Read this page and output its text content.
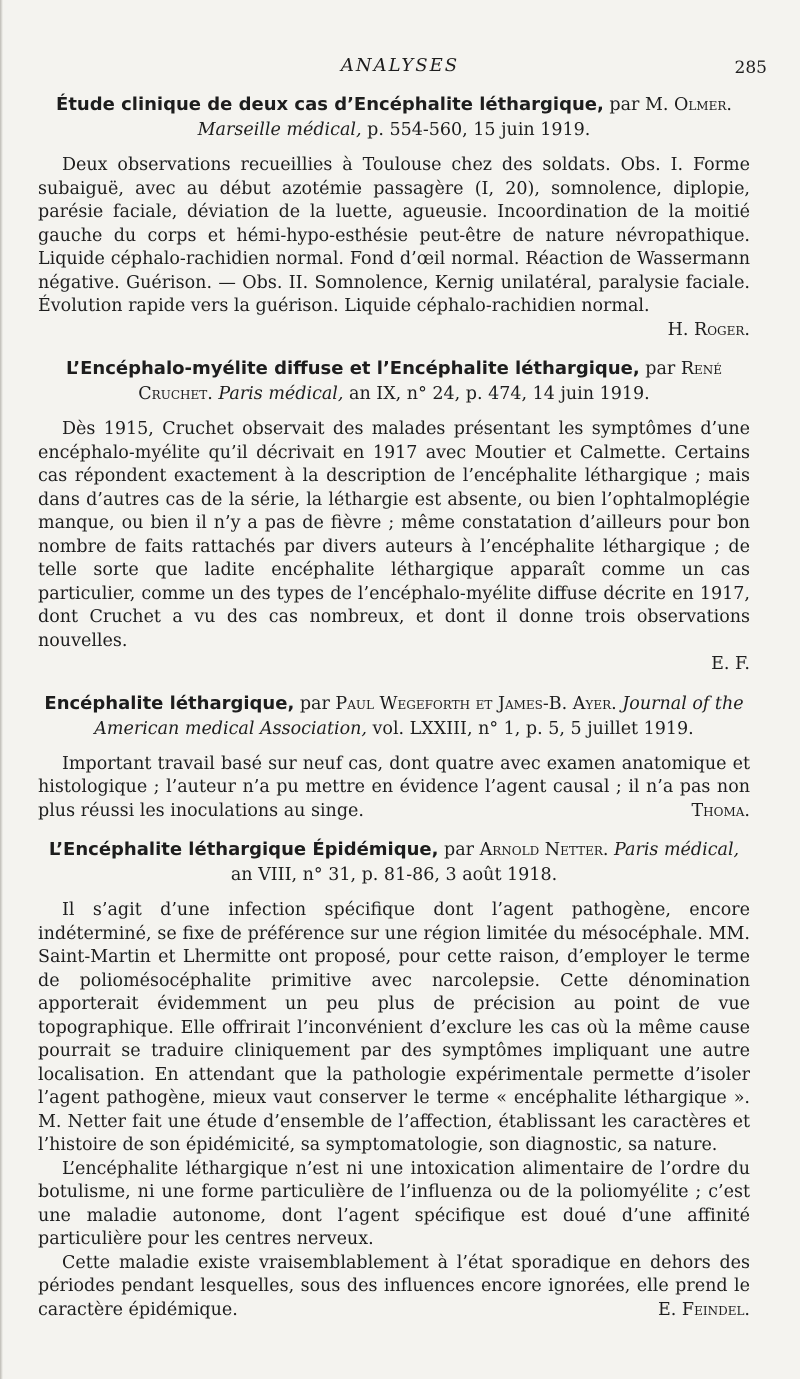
ANALYSES	285

Étude clinique de deux cas d’Encéphalite léthargique, par M. Olmer.
Marseille médical, p. 554-560, 15 juin 1919.

Deux observations recueillies à Toulouse chez des soldats. Obs. I. Forme subaiguë, avec au début azotémie passagère (I, 20), somnolence, diplopie, parésie faciale, déviation de la luette, agueusie. Incoordination de la moitié gauche du corps et hémi-hypo-esthésie peut-être de nature névropathique. Liquide céphalo-rachidien normal. Fond d’œil normal. Réaction de Wassermann négative. Guérison. — Obs. II. Somnolence, Kernig unilatéral, paralysie faciale. Évolution rapide vers la guérison. Liquide céphalo-rachidien normal.
H. Roger.

L’Encéphalo-myélite diffuse et l’Encéphalite léthargique, par René Cruchet. Paris médical, an IX, n° 24, p. 474, 14 juin 1919.

Dès 1915, Cruchet observait des malades présentant les symptômes d’une encéphalo-myélite qu’il décrivait en 1917 avec Moutier et Calmette. Certains cas répondent exactement à la description de l’encéphalite léthargique ; mais dans d’autres cas de la série, la léthargie est absente, ou bien l’ophtalmoplégie manque, ou bien il n’y a pas de fièvre ; même constatation d’ailleurs pour bon nombre de faits rattachés par divers auteurs à l’encéphalite léthargique ; de telle sorte que ladite encéphalite léthargique apparaît comme un cas particulier, comme un des types de l’encéphalo-myélite diffuse décrite en 1917, dont Cruchet a vu des cas nombreux, et dont il donne trois observations nouvelles.

E. F.

Encéphalite léthargique, par Paul Wegeforth et James-B. Ayer. Journal of the American medical Association, vol. LXXIII, n° 1, p. 5, 5 juillet 1919.

Important travail basé sur neuf cas, dont quatre avec examen anatomique et histologique ; l’auteur n’a pu mettre en évidence l’agent causal ; il n’a pas non plus réussi les inoculations au singe.	Thoma.

L’Encéphalite léthargique Épidémique, par Arnold Netter. Paris médical, an VIII, n° 31, p. 81-86, 3 août 1918.

Il s’agit d’une infection spécifique dont l’agent pathogène, encore indéterminé, se fixe de préférence sur une région limitée du mésocéphale. MM. Saint-Martin et Lhermitte ont proposé, pour cette raison, d’employer le terme de poliomésocéphalite primitive avec narcolepsie. Cette dénomination apporterait évidemment un peu plus de précision au point de vue topographique. Elle offrirait l’inconvénient d’exclure les cas où la même cause pourrait se traduire cliniquement par des symptômes impliquant une autre localisation. En attendant que la pathologie expérimentale permette d’isoler l’agent pathogène, mieux vaut conserver le terme « encéphalite léthargique ». M. Netter fait une étude d’ensemble de l’affection, établissant les caractères et l’histoire de son épidémicité, sa symptomatologie, son diagnostic, sa nature.

L’encéphalite léthargique n’est ni une intoxication alimentaire de l’ordre du botulisme, ni une forme particulière de l’influenza ou de la poliomyélite ; c’est une maladie autonome, dont l’agent spécifique est doué d’une affinité particulière pour les centres nerveux.

Cette maladie existe vraisemblablement à l’état sporadique en dehors des périodes pendant lesquelles, sous des influences encore ignorées, elle prend le caractère épidémique.	E. Feindel.
